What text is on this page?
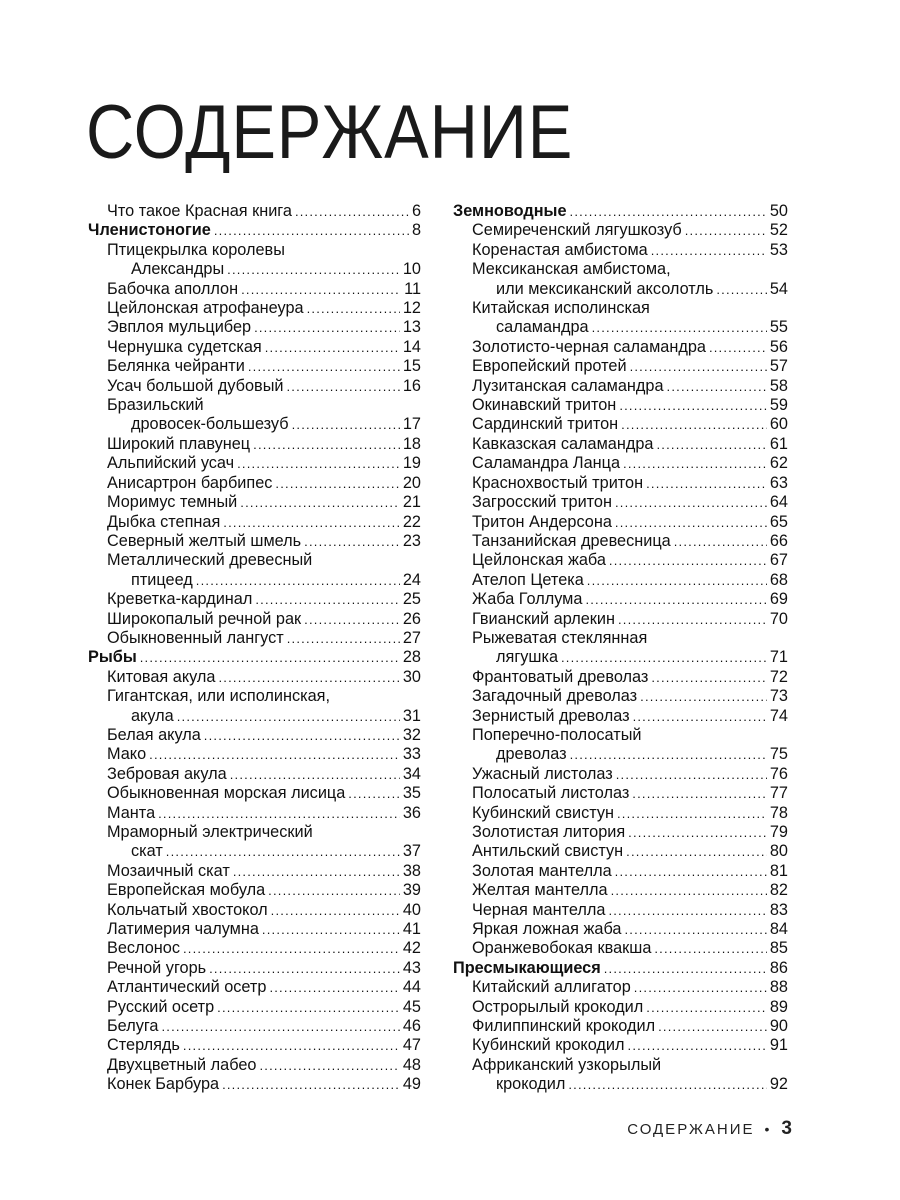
СОДЕРЖАНИЕ
Что такое Красная книга .....	6
Членистоногие .....	8
Птицекрылка королевы
Александры .....	10
Бабочка аполлон .....	11
Цейлонская атрофанеура .....	12
Эвплоя мульцибер .....	13
Чернушка судетская .....	14
Белянка чейранти .....	15
Усач большой дубовый .....	16
Бразильский
дровосек-большезуб .....	17
Широкий плавунец .....	18
Альпийский усач .....	19
Анисартрон барбипес .....	20
Моримус темный .....	21
Дыбка степная .....	22
Северный желтый шмель .....	23
Металлический древесный
птицеед .....	24
Креветка-кардинал .....	25
Широкопалый речной рак .....	26
Обыкновенный лангуст .....	27
Рыбы .....	28
Китовая акула .....	30
Гигантская, или исполинская,
акула .....	31
Белая акула .....	32
Мако .....	33
Зебровая акула .....	34
Обыкновенная морская лисица .....	35
Манта .....	36
Мраморный электрический
скат .....	37
Мозаичный скат .....	38
Европейская мобула .....	39
Кольчатый хвостокол .....	40
Латимерия чалумна .....	41
Веслонос .....	42
Речной угорь .....	43
Атлантический осетр .....	44
Русский осетр .....	45
Белуга .....	46
Стерлядь .....	47
Двухцветный лабео .....	48
Конек Барбура .....	49
Земноводные .....	50
Семиреченский лягушкозуб .....	52
Коренастая амбистома .....	53
Мексиканская амбистома,
или мексиканский аксолотль .....	54
Китайская исполинская
саламандра .....	55
Золотисто-черная саламандра .....	56
Европейский протей .....	57
Лузитанская саламандра .....	58
Окинавский тритон .....	59
Сардинский тритон .....	60
Кавказская саламандра .....	61
Саламандра Ланца .....	62
Краснохвостый тритон .....	63
Загросский тритон .....	64
Тритон Андерсона .....	65
Танзанийская древесница .....	66
Цейлонская жаба .....	67
Ателоп Цетека .....	68
Жаба Голлума .....	69
Гвианский арлекин .....	70
Рыжеватая стеклянная
лягушка .....	71
Франтоватый древолаз .....	72
Загадочный древолаз .....	73
Зернистый древолаз .....	74
Поперечно-полосатый
древолаз .....	75
Ужасный листолаз .....	76
Полосатый листолаз .....	77
Кубинский свистун .....	78
Золотистая литория .....	79
Антильский свистун .....	80
Золотая мантелла .....	81
Желтая мантелла .....	82
Черная мантелла .....	83
Яркая ложная жаба .....	84
Оранжевобокая квакша .....	85
Пресмыкающиеся .....	86
Китайский аллигатор .....	88
Острорылый крокодил .....	89
Филиппинский крокодил .....	90
Кубинский крокодил .....	91
Африканский узкорылый
крокодил .....	92
СОДЕРЖАНИЕ • 3
